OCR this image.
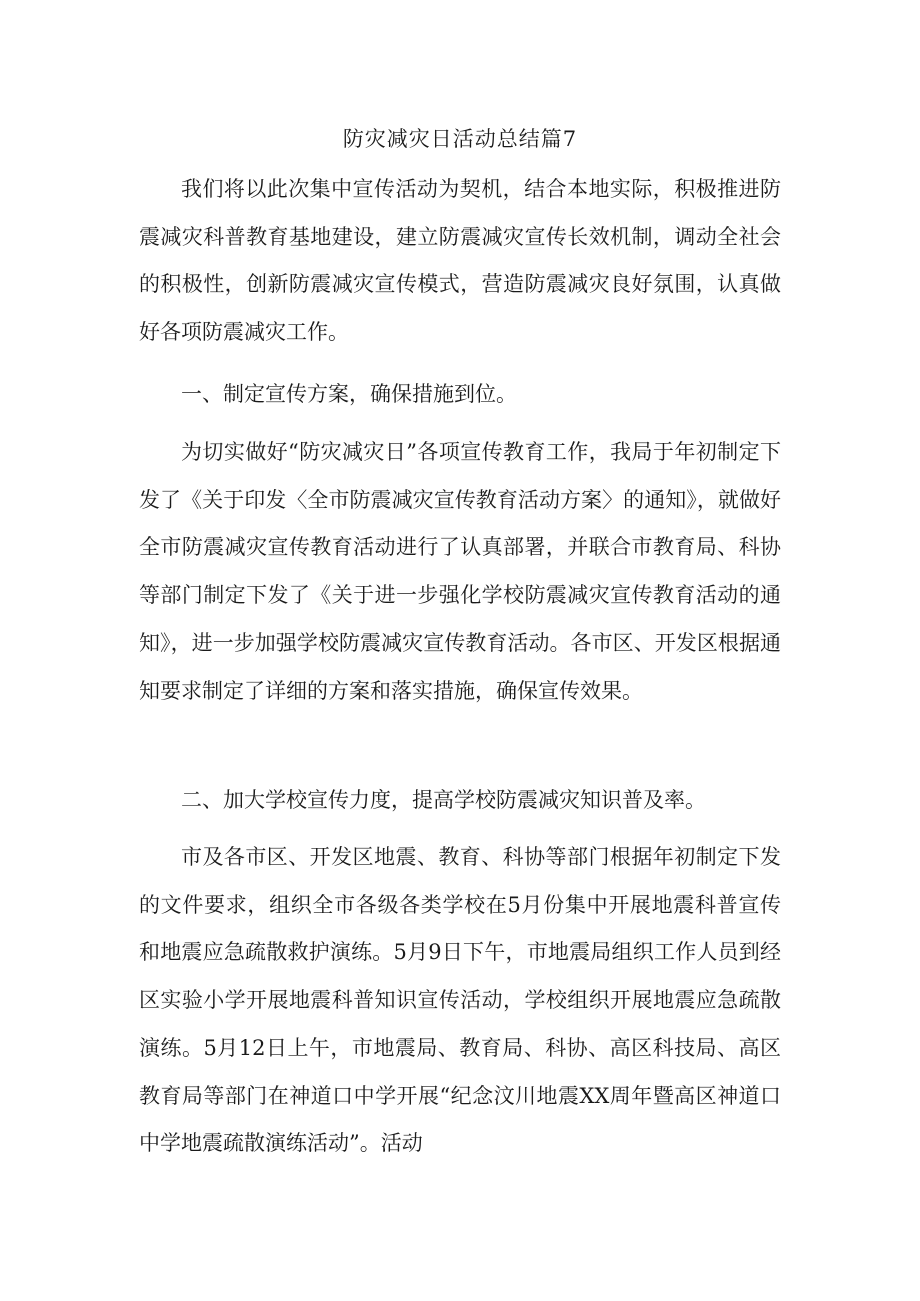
防灾减灾日活动总结篇7

我们将以此次集中宣传活动为契机，结合本地实际，积极推进防震减灾科普教育基地建设，建立防震减灾宣传长效机制，调动全社会的积极性，创新防震减灾宣传模式，营造防震减灾良好氛围，认真做好各项防震减灾工作。

一、制定宣传方案，确保措施到位。

为切实做好“防灾减灾日”各项宣传教育工作，我局于年初制定下发了《关于印发〈全市防震减灾宣传教育活动方案〉的通知》，就做好全市防震减灾宣传教育活动进行了认真部署，并联合市教育局、科协等部门制定下发了《关于进一步强化学校防震减灾宣传教育活动的通知》，进一步加强学校防震减灾宣传教育活动。各市区、开发区根据通知要求制定了详细的方案和落实措施，确保宣传效果。

二、加大学校宣传力度，提高学校防震减灾知识普及率。

市及各市区、开发区地震、教育、科协等部门根据年初制定下发的文件要求，组织全市各级各类学校在5月份集中开展地震科普宣传和地震应急疏散救护演练。5月9日下午，市地震局组织工作人员到经区实验小学开展地震科普知识宣传活动，学校组织开展地震应急疏散演练。5月12日上午，市地震局、教育局、科协、高区科技局、高区教育局等部门在神道口中学开展“纪念汶川地震XX周年暨高区神道口中学地震疏散演练活动”。活动
